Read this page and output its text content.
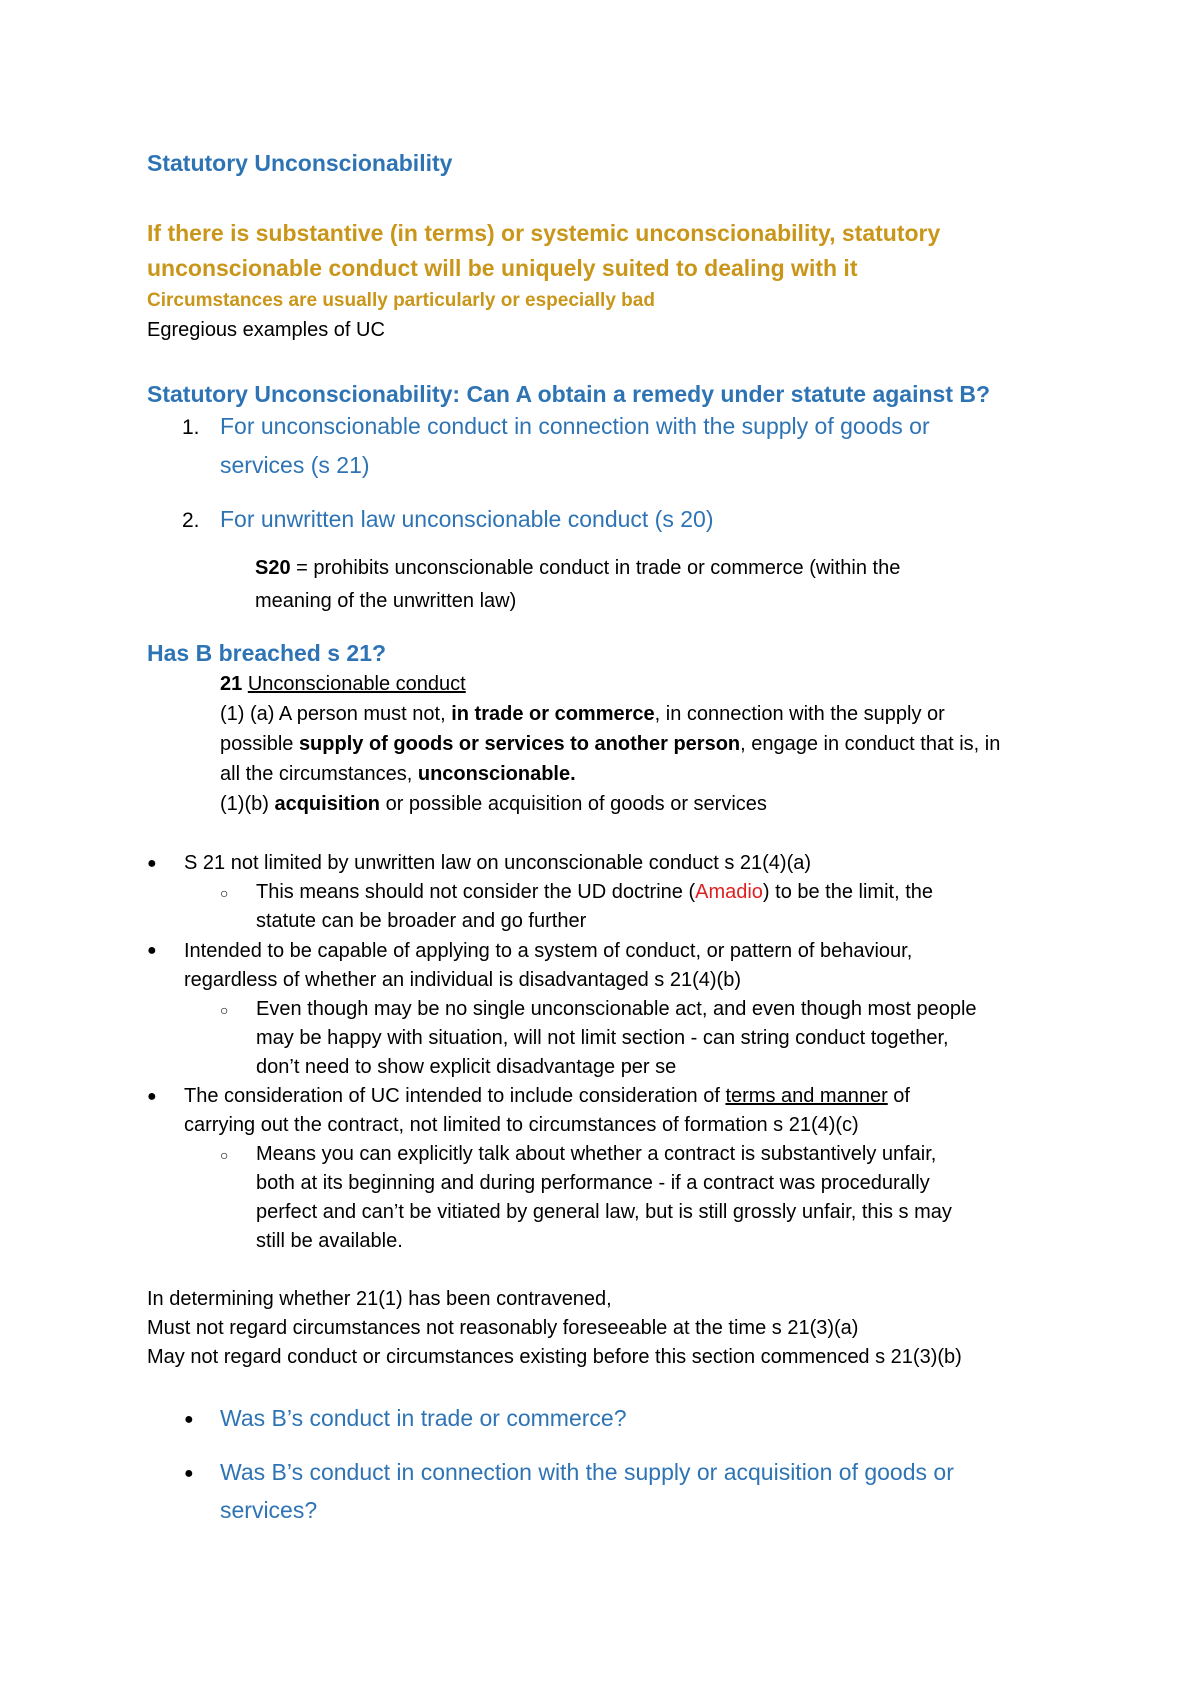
Statutory Unconscionability
If there is substantive (in terms) or systemic unconscionability, statutory
unconscionable conduct will be uniquely suited to dealing with it
Circumstances are usually particularly or especially bad
Egregious examples of UC
Statutory Unconscionability: Can A obtain a remedy under statute against B?
1. For unconscionable conduct in connection with the supply of goods or
services (s 21)
2. For unwritten law unconscionable conduct (s 20)
S20 = prohibits unconscionable conduct in trade or commerce (within the
meaning of the unwritten law)
Has B breached s 21?
21 Unconscionable conduct
(1) (a) A person must not, in trade or commerce, in connection with the supply or
possible supply of goods or services to another person, engage in conduct that is, in
all the circumstances, unconscionable.
(1)(b) acquisition or possible acquisition of goods or services
● S 21 not limited by unwritten law on unconscionable conduct s 21(4)(a)
○ This means should not consider the UD doctrine (Amadio) to be the limit, the
statute can be broader and go further
● Intended to be capable of applying to a system of conduct, or pattern of behaviour,
regardless of whether an individual is disadvantaged s 21(4)(b)
○ Even though may be no single unconscionable act, and even though most people
may be happy with situation, will not limit section - can string conduct together,
don’t need to show explicit disadvantage per se
● The consideration of UC intended to include consideration of terms and manner of
carrying out the contract, not limited to circumstances of formation s 21(4)(c)
○ Means you can explicitly talk about whether a contract is substantively unfair,
both at its beginning and during performance - if a contract was procedurally
perfect and can’t be vitiated by general law, but is still grossly unfair, this s may
still be available.
In determining whether 21(1) has been contravened,
Must not regard circumstances not reasonably foreseeable at the time s 21(3)(a)
May not regard conduct or circumstances existing before this section commenced s 21(3)(b)
● Was B’s conduct in trade or commerce?
● Was B’s conduct in connection with the supply or acquisition of goods or
services?
